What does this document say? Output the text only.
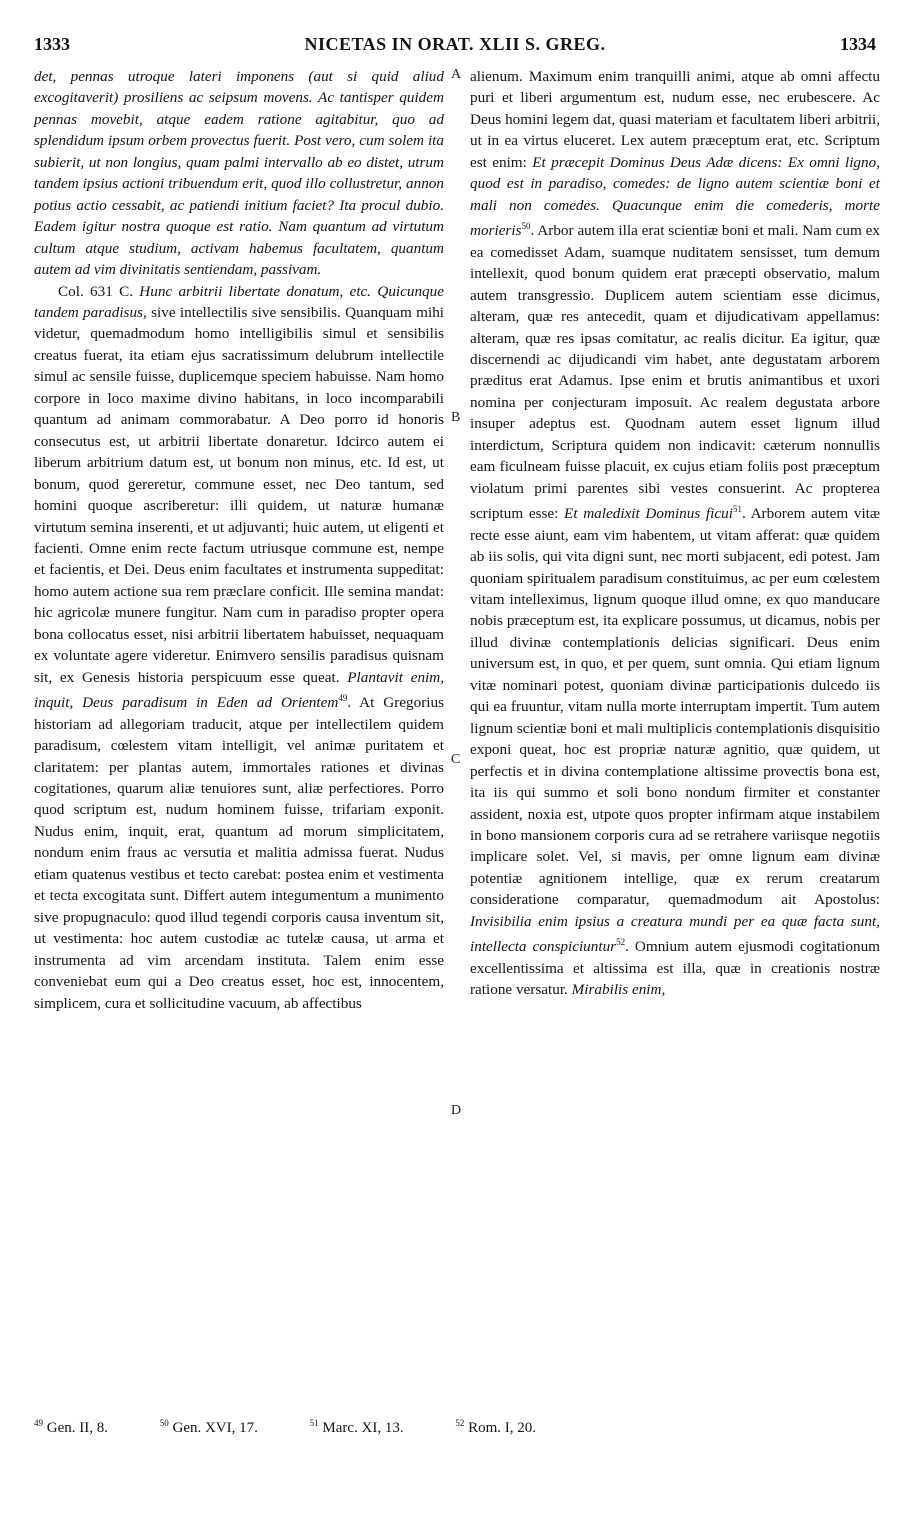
1333	NICETAS IN ORAT. XLII S. GREG.	1334
A
B
C
D

det, pennas utroque lateri imponens (aut si quid aliud excogitaverit) prosiliens ac seipsum movens. Ac tantisper quidem pennas movebit, atque eadem ratione agitabitur, quo ad splendidum ipsum orbem provectus fuerit. Post vero, cum solem ita subierit, ut non longius, quam palmi intervallo ab eo distet, utrum tandem ipsius actioni tribuendum erit, quod illo collustretur, annon potius actio cessabit, ac patiendi initium faciet? Ita procul dubio. Eadem igitur nostra quoque est ratio. Nam quantum ad virtutum cultum atque studium, activam habemus facultatem, quantum autem ad vim divinitatis sentiendam, passivam.

Col. 631 C. Hunc arbitrii libertate donatum, etc. Quicunque tandem paradisus, sive intellectilis sive sensibilis. Quanquam mihi videtur, quemadmodum homo intelligibilis simul et sensibilis creatus fuerat, ita etiam ejus sacratissimum delubrum intellectile simul ac sensile fuisse, duplicemque speciem habuisse. Nam homo corpore in loco maxime divino habitans, in loco incomparabili quantum ad animam commorabatur. A Deo porro id honoris consecutus est, ut arbitrii libertate donaretur. Idcirco autem ei liberum arbitrium datum est, ut bonum non minus, etc. Id est, ut bonum, quod gereretur, commune esset, nec Deo tantum, sed homini quoque ascriberetur: illi quidem, ut naturæ humanæ virtutum semina inserenti, et ut adjuvanti; huic autem, ut eligenti et facienti. Omne enim recte factum utriusque commune est, nempe et facientis, et Dei. Deus enim facultates et instrumenta suppeditat: homo autem actione sua rem præclare conficit. Ille semina mandat: hic agricolæ munere fungitur. Nam cum in paradiso propter opera bona collocatus esset, nisi arbitrii libertatem habuisset, nequaquam ex voluntate agere videretur. Enimvero sensilis paradisus quisnam sit, ex Genesis historia perspicuum esse queat. Plantavit enim, inquit, Deus paradisum in Eden ad Orientem$^{49}$. At Gregorius historiam ad allegoriam traducit, atque per intellectilem quidem paradisum, cœlestem vitam intelligit, vel animæ puritatem et claritatem: per plantas autem, immortales rationes et divinas cogitationes, quarum aliæ tenuiores sunt, aliæ perfectiores. Porro quod scriptum est, nudum hominem fuisse, trifariam exponit. Nudus enim, inquit, erat, quantum ad morum simplicitatem, nondum enim fraus ac versutia et malitia admissa fuerat. Nudus etiam quatenus vestibus et tecto carebat: postea enim et vestimenta et tecta excogitata sunt. Differt autem integumentum a munimento sive propugnaculo: quod illud tegendi corporis causa inventum sit, ut vestimenta: hoc autem custodiæ ac tutelæ causa, ut arma et instrumenta ad vim arcendam instituta. Talem enim esse conveniebat eum qui a Deo creatus esset, hoc est, innocentem, simplicem, cura et sollicitudine vacuum, ab affectibus

alienum. Maximum enim tranquilli animi, atque ab omni affectu puri et liberi argumentum est, nudum esse, nec erubescere. Ac Deus homini legem dat, quasi materiam et facultatem liberi arbitrii, ut in ea virtus eluceret. Lex autem præceptum erat, etc. Scriptum est enim: Et præcepit Dominus Deus Adæ dicens: Ex omni ligno, quod est in paradiso, comedes: de ligno autem scientiæ boni et mali non comedes. Quacunque enim die comederis, morte morieris$^{50}$. Arbor autem illa erat scientiæ boni et mali. Nam cum ex ea comedisset Adam, suamque nuditatem sensisset, tum demum intellexit, quod bonum quidem erat præcepti observatio, malum autem transgressio. Duplicem autem scientiam esse dicimus, alteram, quæ res antecedit, quam et dijudicativam appellamus: alteram, quæ res ipsas comitatur, ac realis dicitur. Ea igitur, quæ discernendi ac dijudicandi vim habet, ante degustatam arborem præditus erat Adamus. Ipse enim et brutis animantibus et uxori nomina per conjecturam imposuit. Ac realem degustata arbore insuper adeptus est. Quodnam autem esset lignum illud interdictum, Scriptura quidem non indicavit: cæterum nonnullis eam ficulneam fuisse placuit, ex cujus etiam foliis post præceptum violatum primi parentes sibi vestes consuerint. Ac propterea scriptum esse: Et maledixit Dominus ficui$^{51}$. Arborem autem vitæ recte esse aiunt, eam vim habentem, ut vitam afferat: quæ quidem ab iis solis, qui vita digni sunt, nec morti subjacent, edi potest. Jam quoniam spiritualem paradisum constituimus, ac per eum cœlestem vitam intelleximus, lignum quoque illud omne, ex quo manducare nobis præceptum est, ita explicare possumus, ut dicamus, nobis per illud divinæ contemplationis delicias significari. Deus enim universum est, in quo, et per quem, sunt omnia. Qui etiam lignum vitæ nominari potest, quoniam divinæ participationis dulcedo iis qui ea fruuntur, vitam nulla morte interruptam impertit. Tum autem lignum scientiæ boni et mali multiplicis contemplationis disquisitio exponi queat, hoc est propriæ naturæ agnitio, quæ quidem, ut perfectis et in divina contemplatione altissime provectis bona est, ita iis qui summo et soli bono nondum firmiter et constanter assident, noxia est, utpote quos propter infirmam atque instabilem in bono mansionem corporis cura ad se retrahere variisque negotiis implicare solet. Vel, si mavis, per omne lignum eam divinæ potentiæ agnitionem intellige, quæ ex rerum creatarum consideratione comparatur, quemadmodum ait Apostolus: Invisibilia enim ipsius a creatura mundi per ea quæ facta sunt, intellecta conspiciuntur$^{52}$. Omnium autem ejusmodi cogitationum excellentissima et altissima est illa, quæ in creationis nostræ ratione versatur. Mirabilis enim,

$^{49}$ Gen. II, 8.	$^{50}$ Gen. XVI, 17.	$^{51}$ Marc. XI, 13.	$^{52}$ Rom. I, 20.
